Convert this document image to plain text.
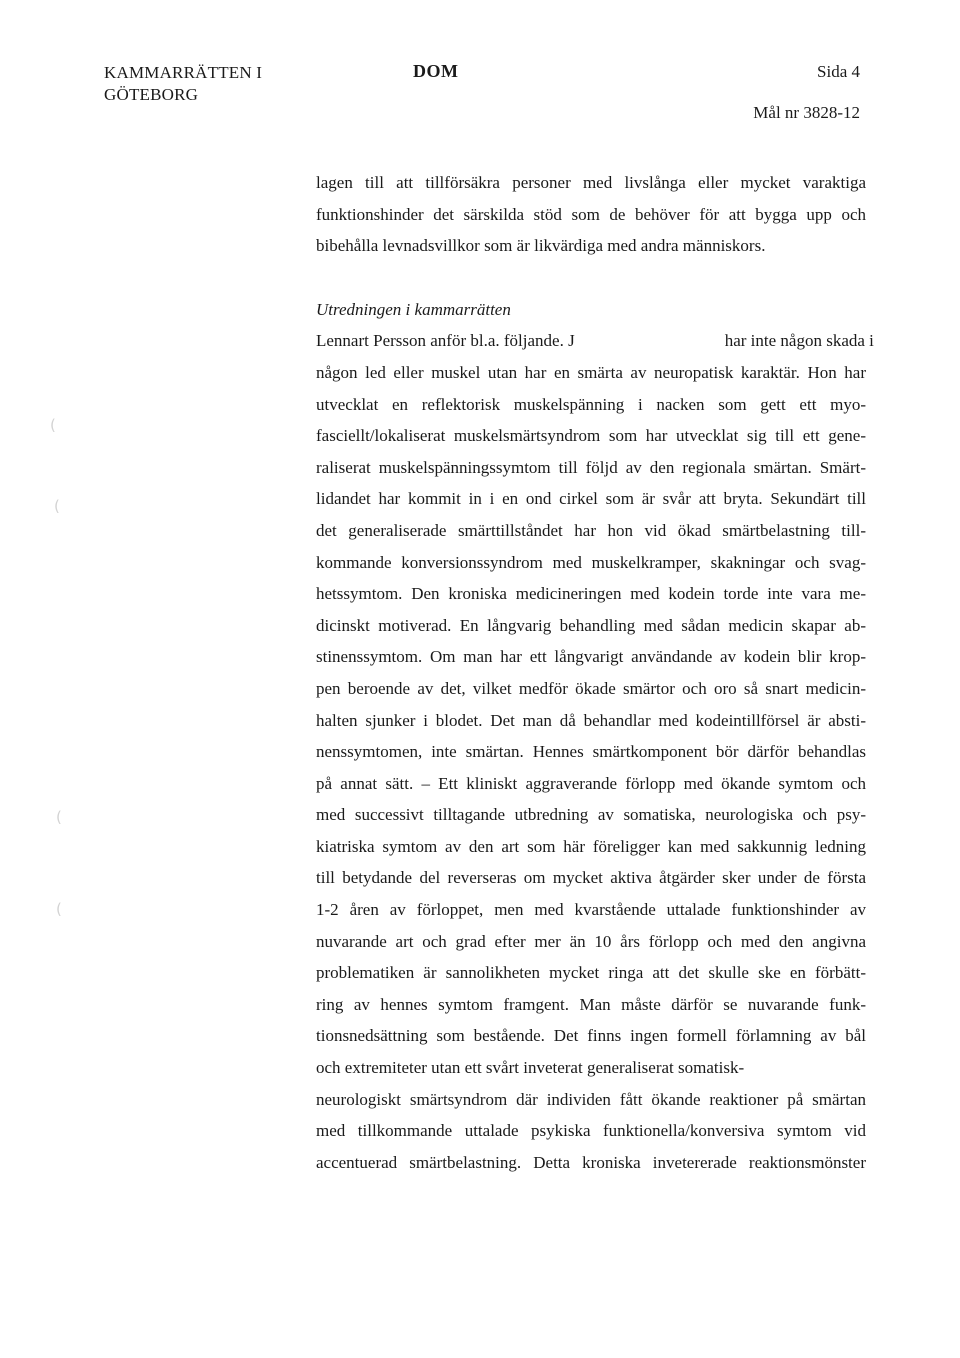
KAMMARRÄTTEN I
GÖTEBORG
DOM	Sida 4
Mål nr 3828-12
(
(
(
(
lagen till att tillförsäkra personer med livslånga eller mycket varaktiga
funktionshinder det särskilda stöd som de behöver för att bygga upp och
bibehålla levnadsvillkor som är likvärdiga med andra människors.
Utredningen i kammarrätten
Lennart Persson anför bl.a. följande. J	har inte någon skada i
någon led eller muskel utan har en smärta av neuropatisk karaktär. Hon har
utvecklat en reflektorisk muskelspänning i nacken som gett ett myo-
fasciellt/lokaliserat muskelsmärtsyndrom som har utvecklat sig till ett gene-
raliserat muskelspänningssymtom till följd av den regionala smärtan. Smärt-
lidandet har kommit in i en ond cirkel som är svår att bryta. Sekundärt till
det generaliserade smärttillståndet har hon vid ökad smärtbelastning till-
kommande konversionssyndrom med muskelkramper, skakningar och svag-
hetssymtom. Den kroniska medicineringen med kodein torde inte vara me-
dicinskt motiverad. En långvarig behandling med sådan medicin skapar ab-
stinenssymtom. Om man har ett långvarigt användande av kodein blir krop-
pen beroende av det, vilket medför ökade smärtor och oro så snart medicin-
halten sjunker i blodet. Det man då behandlar med kodeintillförsel är absti-
nenssymtomen, inte smärtan. Hennes smärtkomponent bör därför behandlas
på annat sätt. – Ett kliniskt aggraverande förlopp med ökande symtom och
med successivt tilltagande utbredning av somatiska, neurologiska och psy-
kiatriska symtom av den art som här föreligger kan med sakkunnig ledning
till betydande del reverseras om mycket aktiva åtgärder sker under de första
1-2 åren av förloppet, men med kvarstående uttalade funktionshinder av
nuvarande art och grad efter mer än 10 års förlopp och med den angivna
problematiken är sannolikheten mycket ringa att det skulle ske en förbätt-
ring av hennes symtom framgent. Man måste därför se nuvarande funk-
tionsnedsättning som bestående. Det finns ingen formell förlamning av bål
och extremiteter utan ett svårt inveterat generaliserat somatisk-
neurologiskt smärtsyndrom där individen fått ökande reaktioner på smärtan
med tillkommande uttalade psykiska funktionella/konversiva symtom vid
accentuerad smärtbelastning. Detta kroniska invetererade reaktionsmönster
